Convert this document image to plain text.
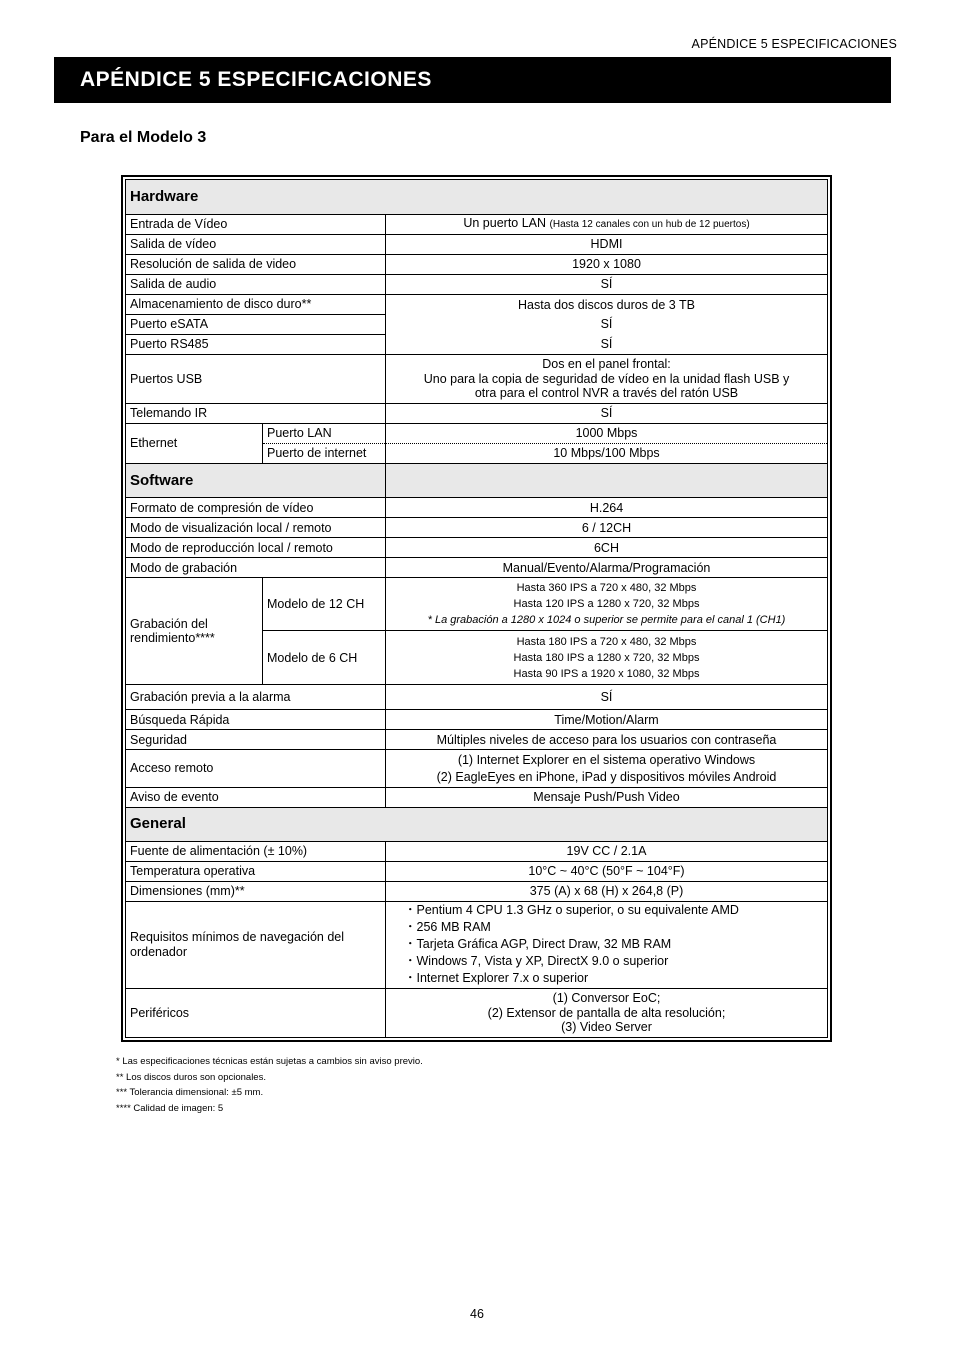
APÉNDICE 5 ESPECIFICACIONES
APÉNDICE 5 ESPECIFICACIONES
Para el Modelo 3
Hardware		
Entrada de Vídeo		Un puerto LAN (Hasta 12 canales con un hub de 12 puertos)
Salida de vídeo		HDMI
Resolución de salida de video		1920 x 1080
Salida de audio		SÍ
Almacenamiento de disco duro**		Hasta dos discos duros de 3 TB
Puerto eSATA		SÍ
Puerto RS485		SÍ
Puertos USB		Dos en el panel frontal:
Uno para la copia de seguridad de vídeo en la unidad flash USB y
otra para el control NVR a través del ratón USB

Telemando IR		SÍ
Ethernet	Puerto LAN	1000 Mbps
	Puerto de internet	10 Mbps/100 Mbps
Software		
Formato de compresión de vídeo		H.264
Modo de visualización local / remoto		6 / 12CH
Modo de reproducción local / remoto		6CH
Modo de grabación		Manual/Evento/Alarma/Programación
Grabación del rendimiento****	Modelo de 12 CH	Hasta 360 IPS a 720 x 480, 32 Mbps
Hasta 120 IPS a 1280 x 720, 32 Mbps
* La grabación a 1280 x 1024 o superior se permite para el canal 1 (CH1)

	Modelo de 6 CH	Hasta 180 IPS a 720 x 480, 32 Mbps
Hasta 180 IPS a 1280 x 720, 32 Mbps
Hasta 90 IPS a 1920 x 1080, 32 Mbps

Grabación previa a la alarma		SÍ
Búsqueda Rápida		Time/Motion/Alarm
Seguridad		Múltiples niveles de acceso para los usuarios con contraseña
Acceso remoto		(1) Internet Explorer en el sistema operativo Windows
(2) EagleEyes en iPhone, iPad y dispositivos móviles Android

Aviso de evento		Mensaje Push/Push Video
General		
Fuente de alimentación (± 10%)		19V CC / 2.1A
Temperatura operativa		10°C ~ 40°C (50°F ~ 104°F)
Dimensiones (mm)**		375 (A) x 68 (H) x 264,8 (P)
Requisitos mínimos de navegación del ordenador		・Pentium 4 CPU 1.3 GHz o superior, o su equivalente AMD
・256 MB RAM
・Tarjeta Gráfica AGP, Direct Draw, 32 MB RAM
・Windows 7, Vista y XP, DirectX 9.0 o superior
・Internet Explorer 7.x o superior

Periféricos		(1) Conversor EoC;
(2) Extensor de pantalla de alta resolución;
(3) Video Server
* Las especificaciones técnicas están sujetas a cambios sin aviso previo.
** Los discos duros son opcionales.
*** Tolerancia dimensional: ±5 mm.
**** Calidad de imagen: 5
46
